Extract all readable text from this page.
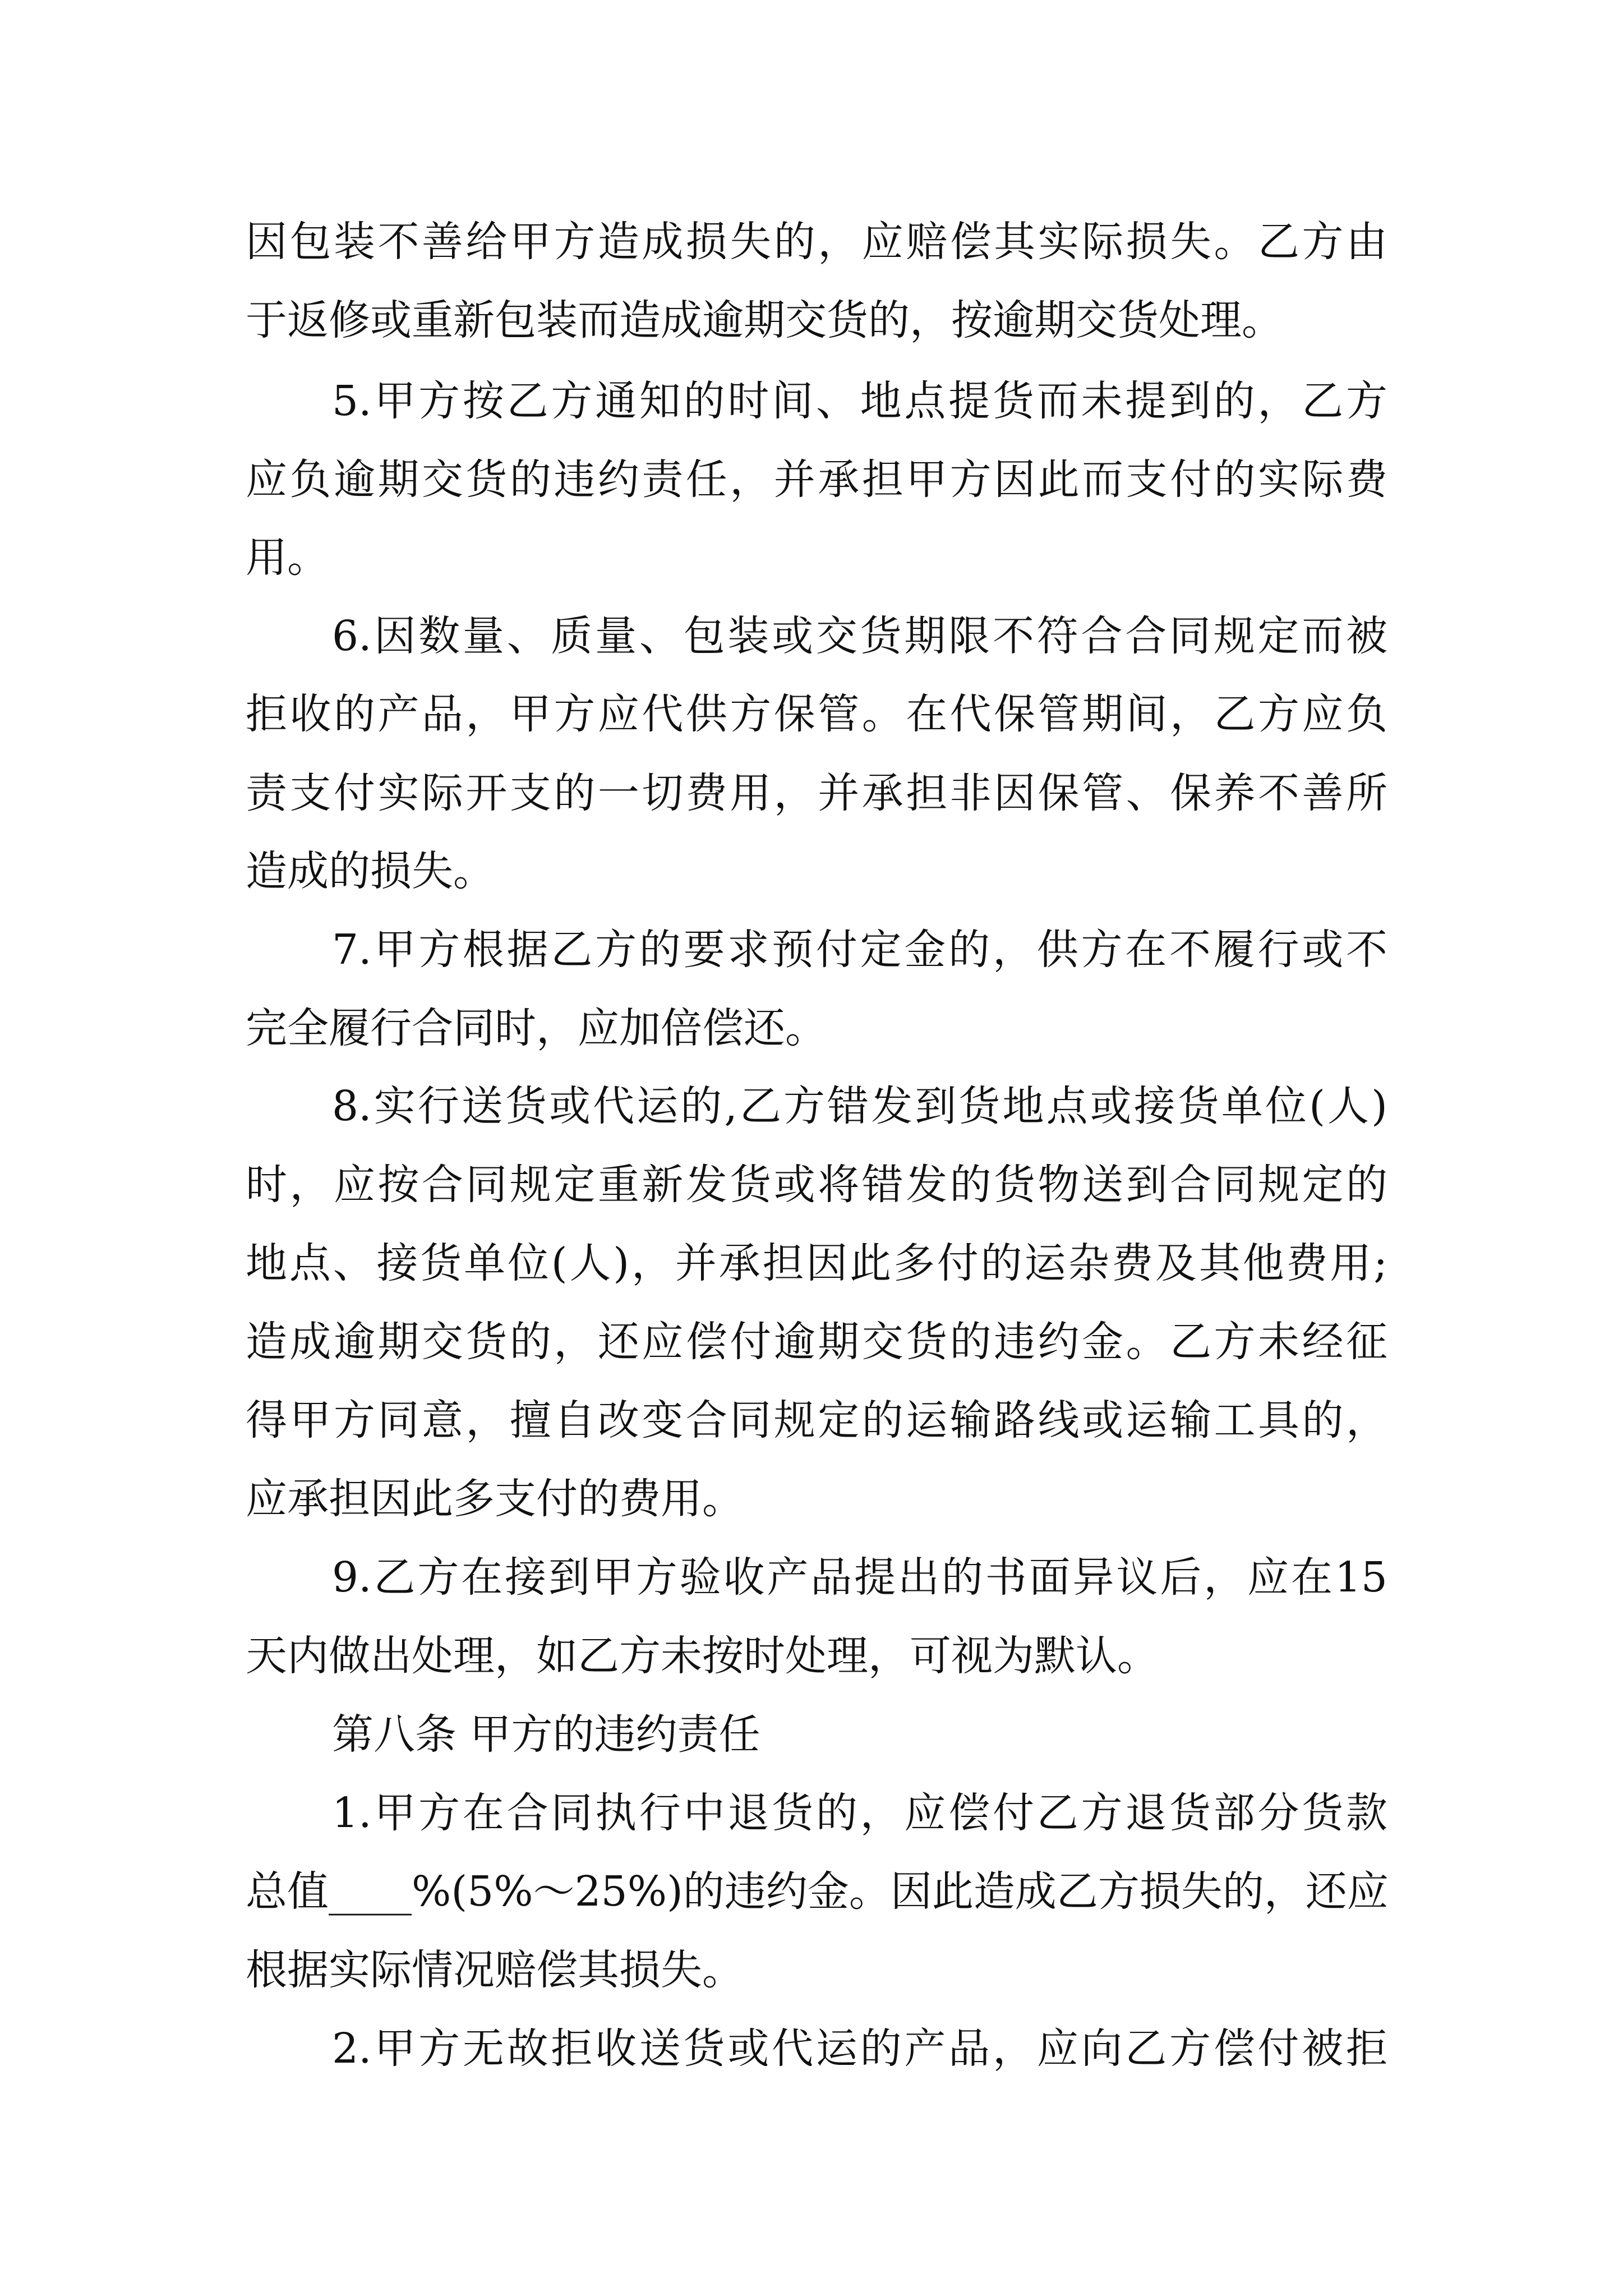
因包装不善给甲方造成损失的，应赔偿其实际损失。乙方由
于返修或重新包装而造成逾期交货的，按逾期交货处理。
5.甲方按乙方通知的时间、地点提货而未提到的，乙方
应负逾期交货的违约责任，并承担甲方因此而支付的实际费
用。
6.因数量、质量、包装或交货期限不符合合同规定而被
拒收的产品，甲方应代供方保管。在代保管期间，乙方应负
责支付实际开支的一切费用，并承担非因保管、保养不善所
造成的损失。
7.甲方根据乙方的要求预付定金的，供方在不履行或不
完全履行合同时，应加倍偿还。
8.实行送货或代运的,乙方错发到货地点或接货单位(人)
时，应按合同规定重新发货或将错发的货物送到合同规定的
地点、接货单位(人)，并承担因此多付的运杂费及其他费用;
造成逾期交货的，还应偿付逾期交货的违约金。乙方未经征
得甲方同意，擅自改变合同规定的运输路线或运输工具的，
应承担因此多支付的费用。
9.乙方在接到甲方验收产品提出的书面异议后，应在15
天内做出处理，如乙方未按时处理，可视为默认。
第八条 甲方的违约责任
1.甲方在合同执行中退货的，应偿付乙方退货部分货款
总值____%(5%～25%)的违约金。因此造成乙方损失的，还应
根据实际情况赔偿其损失。
2.甲方无故拒收送货或代运的产品，应向乙方偿付被拒
